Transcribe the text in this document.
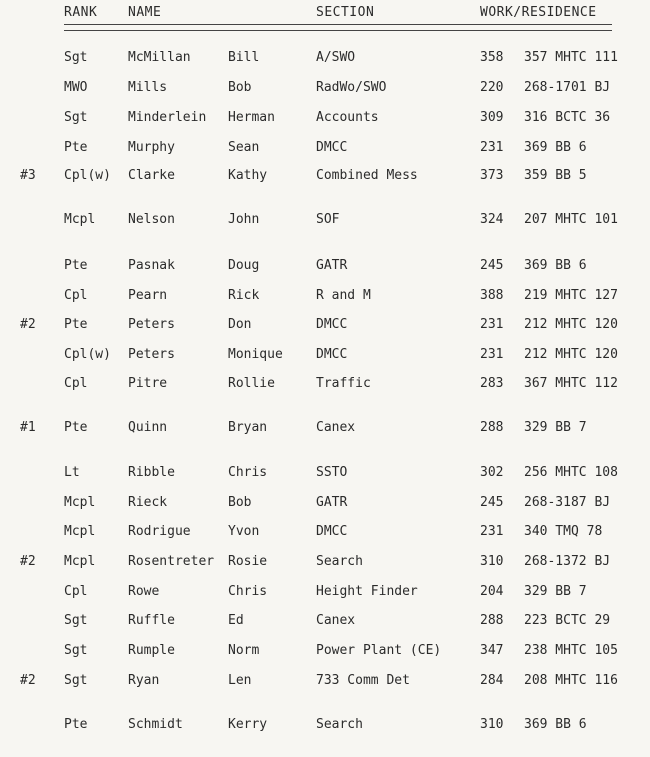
RANK NAME	SECTION	WORK/RESIDENCE
Sgt	McMillan	Bill	A/SWO	358 357 MHTC 111
MWO	Mills	Bob	RadWo/SWO	220 268-1701 BJ
Sgt	Minderlein Herman	Accounts	309 316 BCTC 36
Pte	Murphy	Sean	DMCC	231 369 BB 6
#3 Cpl(w) Clarke	Kathy	Combined Mess	373 359 BB 5
Mcpl	Nelson	John	SOF	324 207 MHTC 101
Pte	Pasnak	Doug	GATR	245 369 BB 6
Cpl	Pearn	Rick	R and M	388 219 MHTC 127
#2 Pte	Peters	Don	DMCC	231 212 MHTC 120
Cpl(w) Peters	Monique	DMCC	231 212 MHTC 120
Cpl	Pitre	Rollie	Traffic	283 367 MHTC 112
#1 Pte	Quinn	Bryan	Canex	288 329 BB 7
Lt	Ribble	Chris	SSTO	302 256 MHTC 108
Mcpl	Rieck	Bob	GATR	245 268-3187 BJ
Mcpl	Rodrigue	Yvon	DMCC	231 340 TMQ 78
#2 Mcpl	Rosentreter Rosie	Search	310 268-1372 BJ
Cpl	Rowe	Chris	Height Finder	204 329 BB 7
Sgt	Ruffle	Ed	Canex	288 223 BCTC 29
Sgt	Rumple	Norm	Power Plant (CE)	347 238 MHTC 105
#2 Sgt	Ryan	Len	733 Comm Det	284 208 MHTC 116
Pte	Schmidt	Kerry	Search	310 369 BB 6
